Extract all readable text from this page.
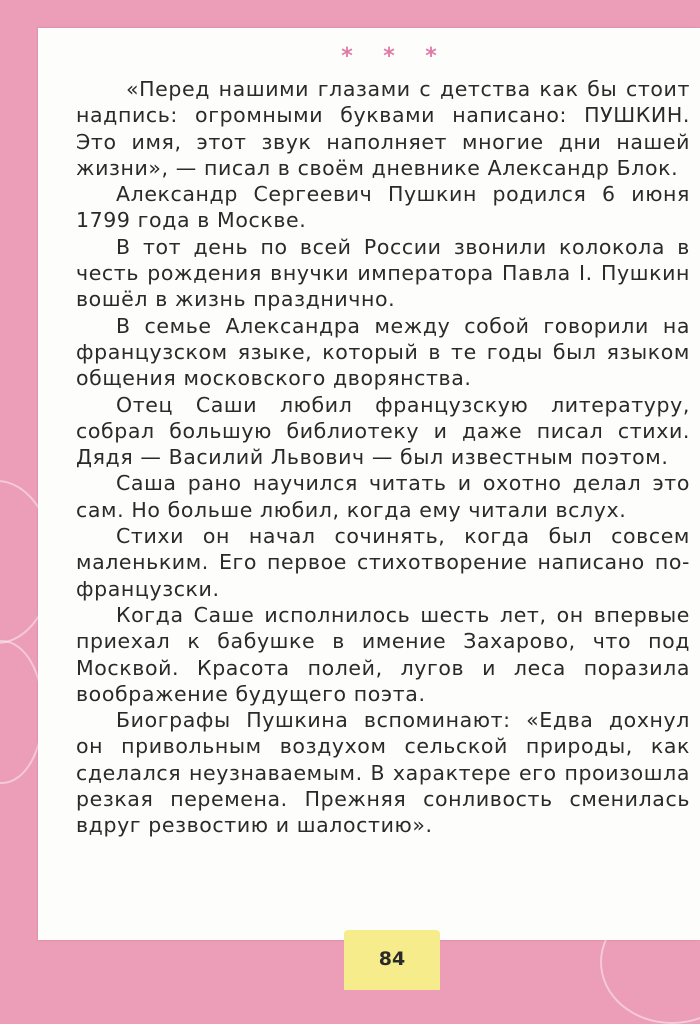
*	*	*

«Перед нашими глазами с детства как бы стоит надпись: огромными буквами написано: ПУШКИН. Это имя, этот звук наполняет многие дни нашей жизни», — писал в своём дневнике Александр Блок.

Александр Сергеевич Пушкин родился 6 июня 1799 года в Москве.

В тот день по всей России звонили колокола в честь рождения внучки императора Павла I. Пушкин вошёл в жизнь празднично.

В семье Александра между собой говорили на французском языке, который в те годы был языком общения московского дворянства.

Отец Саши любил французскую литературу, собрал большую библиотеку и даже писал стихи. Дядя — Василий Львович — был известным поэтом.

Саша рано научился читать и охотно делал это сам. Но больше любил, когда ему читали вслух.

Стихи он начал сочинять, когда был совсем маленьким. Его первое стихотворение написано по-французски.

Когда Саше исполнилось шесть лет, он впервые приехал к бабушке в имение Захарово, что под Москвой. Красота полей, лугов и леса поразила воображение будущего поэта.

Биографы Пушкина вспоминают: «Едва дохнул он привольным воздухом сельской природы, как сделался неузнаваемым. В характере его произошла резкая перемена. Прежняя сонливость сменилась вдруг резвостию и шалостию».

84
